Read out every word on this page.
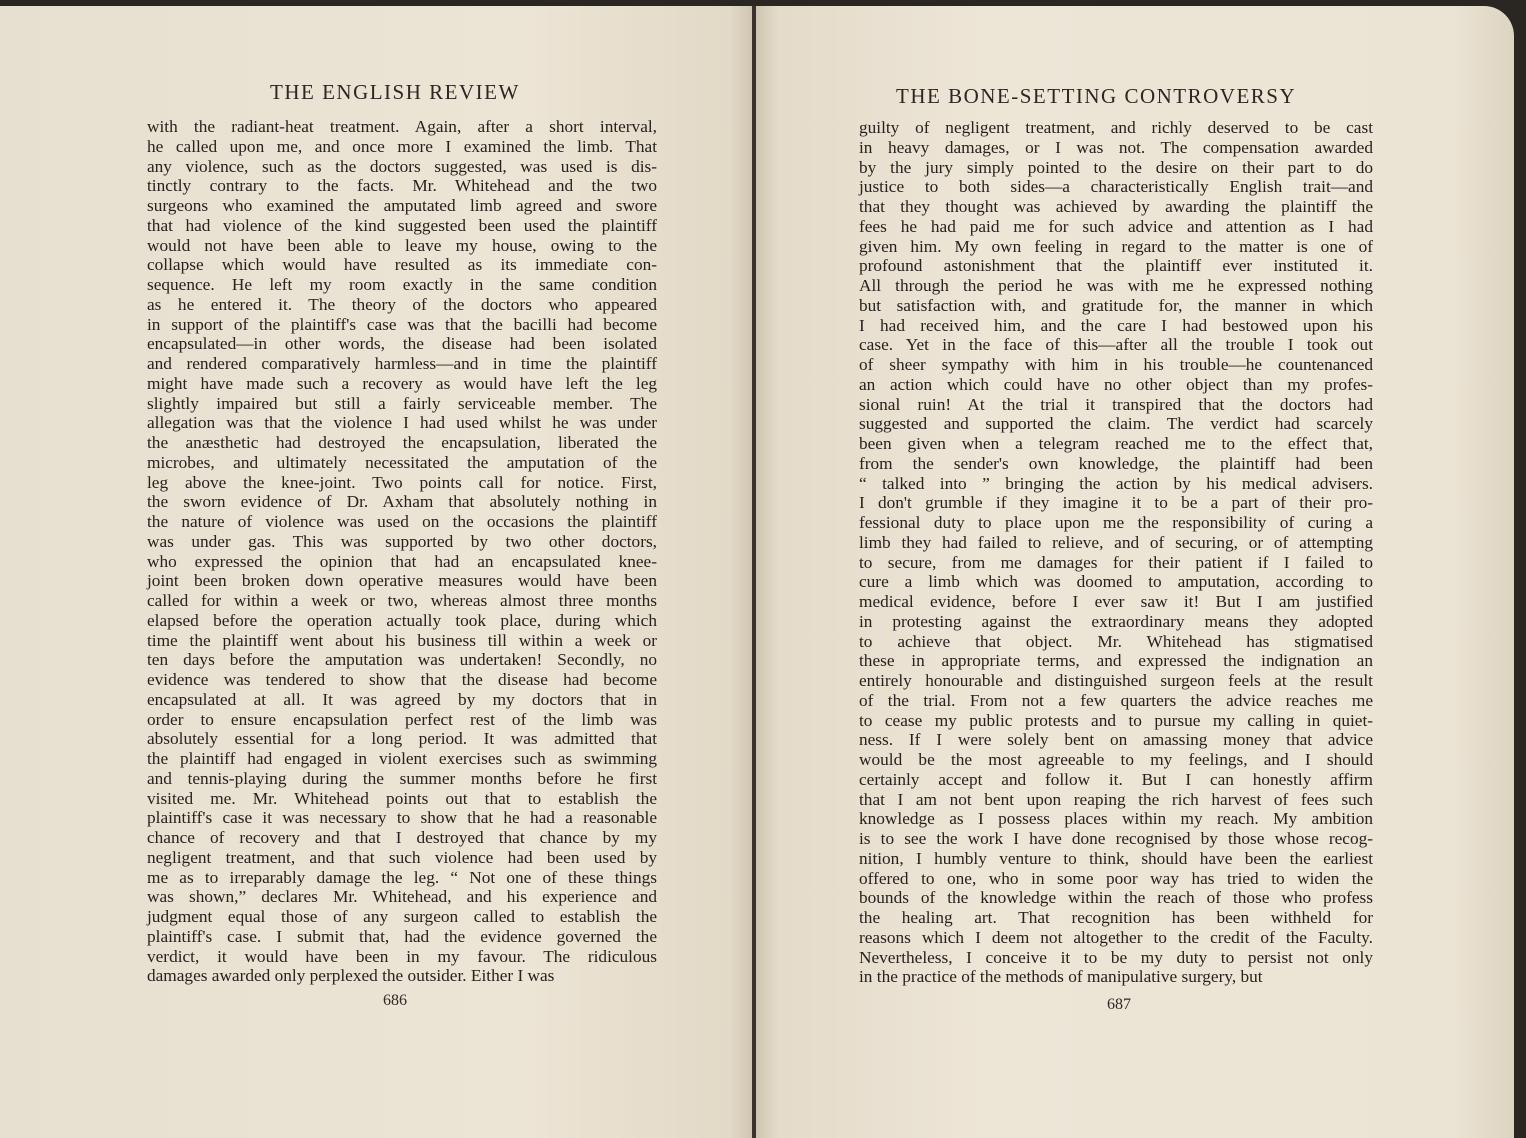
THE ENGLISH REVIEW
with the radiant-heat treatment. Again, after a short interval,
he called upon me, and once more I examined the limb. That
any violence, such as the doctors suggested, was used is dis-
tinctly contrary to the facts. Mr. Whitehead and the two
surgeons who examined the amputated limb agreed and swore
that had violence of the kind suggested been used the plaintiff
would not have been able to leave my house, owing to the
collapse which would have resulted as its immediate con-
sequence. He left my room exactly in the same condition
as he entered it. The theory of the doctors who appeared
in support of the plaintiff's case was that the bacilli had become
encapsulated—in other words, the disease had been isolated
and rendered comparatively harmless—and in time the plaintiff
might have made such a recovery as would have left the leg
slightly impaired but still a fairly serviceable member. The
allegation was that the violence I had used whilst he was under
the anæsthetic had destroyed the encapsulation, liberated the
microbes, and ultimately necessitated the amputation of the
leg above the knee-joint. Two points call for notice. First,
the sworn evidence of Dr. Axham that absolutely nothing in
the nature of violence was used on the occasions the plaintiff
was under gas. This was supported by two other doctors,
who expressed the opinion that had an encapsulated knee-
joint been broken down operative measures would have been
called for within a week or two, whereas almost three months
elapsed before the operation actually took place, during which
time the plaintiff went about his business till within a week or
ten days before the amputation was undertaken! Secondly, no
evidence was tendered to show that the disease had become
encapsulated at all. It was agreed by my doctors that in
order to ensure encapsulation perfect rest of the limb was
absolutely essential for a long period. It was admitted that
the plaintiff had engaged in violent exercises such as swimming
and tennis-playing during the summer months before he first
visited me. Mr. Whitehead points out that to establish the
plaintiff's case it was necessary to show that he had a reasonable
chance of recovery and that I destroyed that chance by my
negligent treatment, and that such violence had been used by
me as to irreparably damage the leg. “ Not one of these things
was shown,” declares Mr. Whitehead, and his experience and
judgment equal those of any surgeon called to establish the
plaintiff's case. I submit that, had the evidence governed the
verdict, it would have been in my favour. The ridiculous
damages awarded only perplexed the outsider. Either I was
686
THE BONE-SETTING CONTROVERSY
guilty of negligent treatment, and richly deserved to be cast
in heavy damages, or I was not. The compensation awarded
by the jury simply pointed to the desire on their part to do
justice to both sides—a characteristically English trait—and
that they thought was achieved by awarding the plaintiff the
fees he had paid me for such advice and attention as I had
given him. My own feeling in regard to the matter is one of
profound astonishment that the plaintiff ever instituted it.
All through the period he was with me he expressed nothing
but satisfaction with, and gratitude for, the manner in which
I had received him, and the care I had bestowed upon his
case. Yet in the face of this—after all the trouble I took out
of sheer sympathy with him in his trouble—he countenanced
an action which could have no other object than my profes-
sional ruin! At the trial it transpired that the doctors had
suggested and supported the claim. The verdict had scarcely
been given when a telegram reached me to the effect that,
from the sender's own knowledge, the plaintiff had been
“ talked into ” bringing the action by his medical advisers.
I don't grumble if they imagine it to be a part of their pro-
fessional duty to place upon me the responsibility of curing a
limb they had failed to relieve, and of securing, or of attempting
to secure, from me damages for their patient if I failed to
cure a limb which was doomed to amputation, according to
medical evidence, before I ever saw it! But I am justified
in protesting against the extraordinary means they adopted
to achieve that object. Mr. Whitehead has stigmatised
these in appropriate terms, and expressed the indignation an
entirely honourable and distinguished surgeon feels at the result
of the trial. From not a few quarters the advice reaches me
to cease my public protests and to pursue my calling in quiet-
ness. If I were solely bent on amassing money that advice
would be the most agreeable to my feelings, and I should
certainly accept and follow it. But I can honestly affirm
that I am not bent upon reaping the rich harvest of fees such
knowledge as I possess places within my reach. My ambition
is to see the work I have done recognised by those whose recog-
nition, I humbly venture to think, should have been the earliest
offered to one, who in some poor way has tried to widen the
bounds of the knowledge within the reach of those who profess
the healing art. That recognition has been withheld for
reasons which I deem not altogether to the credit of the Faculty.
Nevertheless, I conceive it to be my duty to persist not only
in the practice of the methods of manipulative surgery, but
687
